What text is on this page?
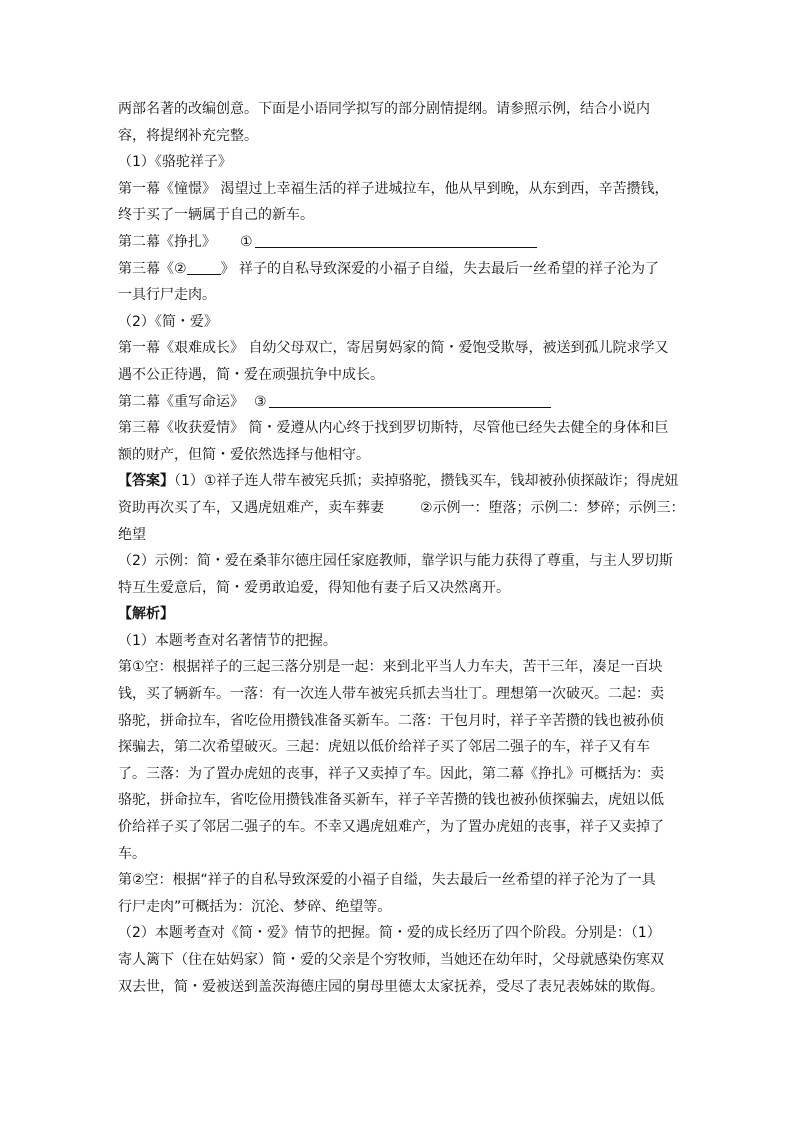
两部名著的改编创意。下面是小语同学拟写的部分剧情提纲。请参照示例，结合小说内
容，将提纲补充完整。
（1）《骆驼祥子》
第一幕《憧憬》 渴望过上幸福生活的祥子进城拉车，他从早到晚，从东到西，辛苦攒钱，
终于买了一辆属于自己的新车。
第二幕《挣扎》 ①
第三幕《② 》 祥子的自私导致深爱的小福子自缢，失去最后一丝希望的祥子沦为了
一具行尸走肉。
（2）《简・爱》
第一幕《艰难成长》 自幼父母双亡，寄居舅妈家的简・爱饱受欺辱，被送到孤儿院求学又
遇不公正待遇，简・爱在顽强抗争中成长。
第二幕《重写命运》 ③
第三幕《收获爱情》 简・爱遵从内心终于找到罗切斯特，尽管他已经失去健全的身体和巨
额的财产，但简・爱依然选择与他相守。
【答案】（1）①祥子连人带车被宪兵抓；卖掉骆驼，攒钱买车，钱却被孙侦探敲诈；得虎妞
资助再次买了车，又遇虎妞难产，卖车葬妻	②示例一：堕落；示例二：梦碎；示例三：
绝望
（2）示例：简・爱在桑菲尔德庄园任家庭教师，靠学识与能力获得了尊重，与主人罗切斯
特互生爱意后，简・爱勇敢追爱，得知他有妻子后又决然离开。
【解析】
（1）本题考查对名著情节的把握。
第①空：根据祥子的三起三落分别是一起：来到北平当人力车夫，苦干三年，凑足一百块
钱，买了辆新车。一落：有一次连人带车被宪兵抓去当壮丁。理想第一次破灭。二起：卖
骆驼，拼命拉车，省吃俭用攒钱准备买新车。二落：干包月时，祥子辛苦攒的钱也被孙侦
探骗去，第二次希望破灭。三起：虎妞以低价给祥子买了邻居二强子的车，祥子又有车
了。三落：为了置办虎妞的丧事，祥子又卖掉了车。因此，第二幕《挣扎》可概括为：卖
骆驼，拼命拉车，省吃俭用攒钱准备买新车，祥子辛苦攒的钱也被孙侦探骗去，虎妞以低
价给祥子买了邻居二强子的车。不幸又遇虎妞难产，为了置办虎妞的丧事，祥子又卖掉了
车。
第②空：根据“祥子的自私导致深爱的小福子自缢，失去最后一丝希望的祥子沦为了一具
行尸走肉”可概括为：沉沦、梦碎、绝望等。
（2）本题考查对《简・爱》情节的把握。简・爱的成长经历了四个阶段。分别是：（1）
寄人篱下（住在姑妈家）简・爱的父亲是个穷牧师，当她还在幼年时，父母就感染伤寒双
双去世，简・爱被送到盖茨海德庄园的舅母里德太太家抚养，受尽了表兄表姊妹的欺侮。
